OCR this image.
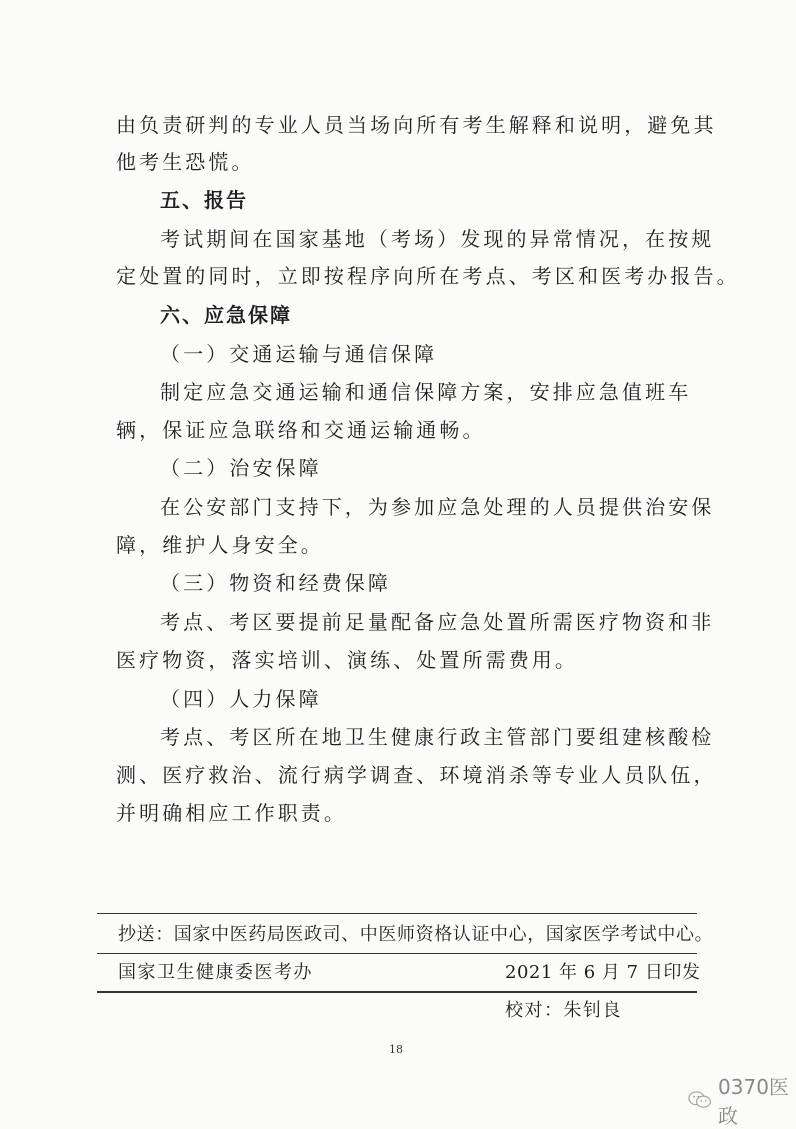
由负责研判的专业人员当场向所有考生解释和说明，避免其
他考生恐慌。
五、报告
考试期间在国家基地（考场）发现的异常情况，在按规
定处置的同时，立即按程序向所在考点、考区和医考办报告。
六、应急保障
（一）交通运输与通信保障
制定应急交通运输和通信保障方案，安排应急值班车
辆，保证应急联络和交通运输通畅。
（二）治安保障
在公安部门支持下，为参加应急处理的人员提供治安保
障，维护人身安全。
（三）物资和经费保障
考点、考区要提前足量配备应急处置所需医疗物资和非
医疗物资，落实培训、演练、处置所需费用。
（四）人力保障
考点、考区所在地卫生健康行政主管部门要组建核酸检
测、医疗救治、流行病学调查、环境消杀等专业人员队伍，
并明确相应工作职责。
抄送：国家中医药局医政司、中医师资格认证中心，国家医学考试中心。
国家卫生健康委医考办	2021 年 6 月 7 日印发
校对：朱钊良
18
0370医政
